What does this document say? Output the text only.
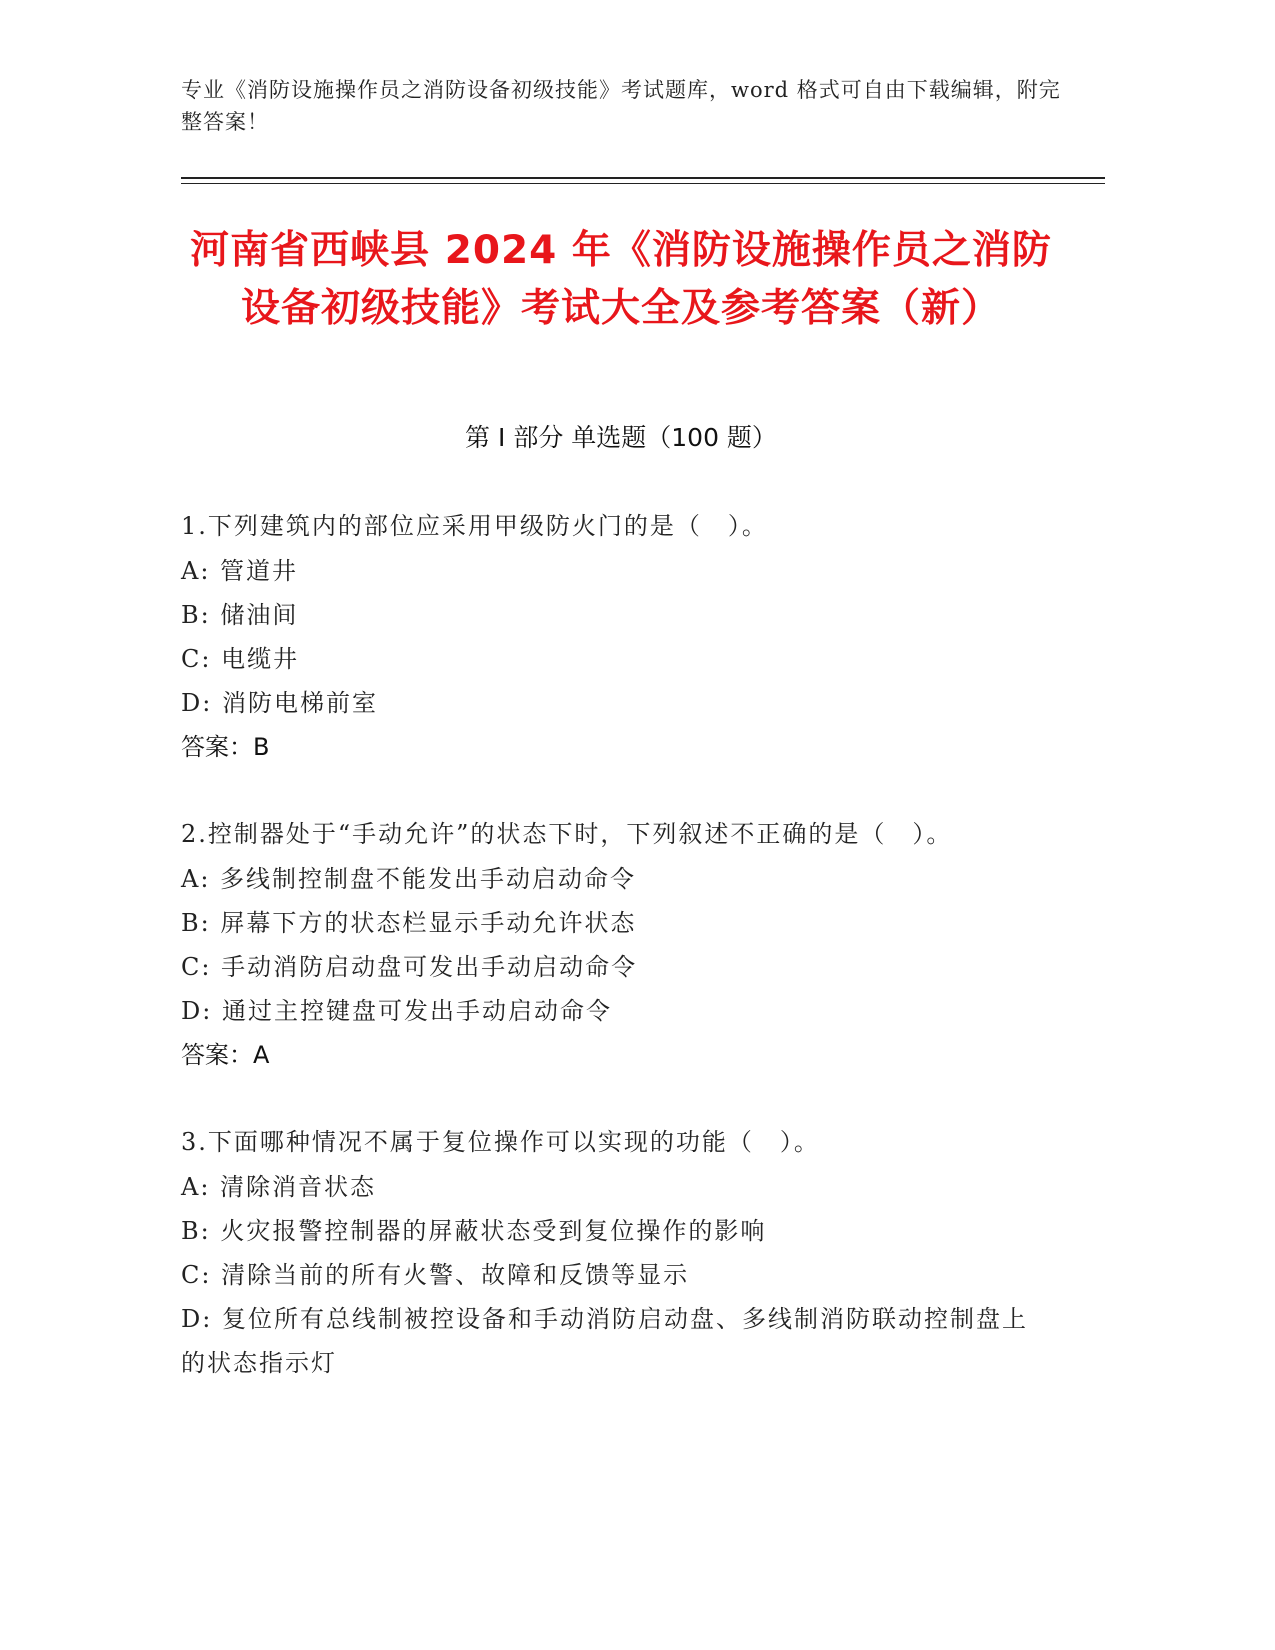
专业《消防设施操作员之消防设备初级技能》考试题库，word 格式可自由下载编辑，附完整答案！
河南省西峡县 2024 年《消防设施操作员之消防设备初级技能》考试大全及参考答案（新）
第 I 部分 单选题（100 题）
1.下列建筑内的部位应采用甲级防火门的是（　）。
A: 管道井
B: 储油间
C: 电缆井
D: 消防电梯前室
答案：B
2.控制器处于“手动允许”的状态下时，下列叙述不正确的是（　）。
A: 多线制控制盘不能发出手动启动命令
B: 屏幕下方的状态栏显示手动允许状态
C: 手动消防启动盘可发出手动启动命令
D: 通过主控键盘可发出手动启动命令
答案：A
3.下面哪种情况不属于复位操作可以实现的功能（　）。
A: 清除消音状态
B: 火灾报警控制器的屏蔽状态受到复位操作的影响
C: 清除当前的所有火警、故障和反馈等显示
D: 复位所有总线制被控设备和手动消防启动盘、多线制消防联动控制盘上的状态指示灯
